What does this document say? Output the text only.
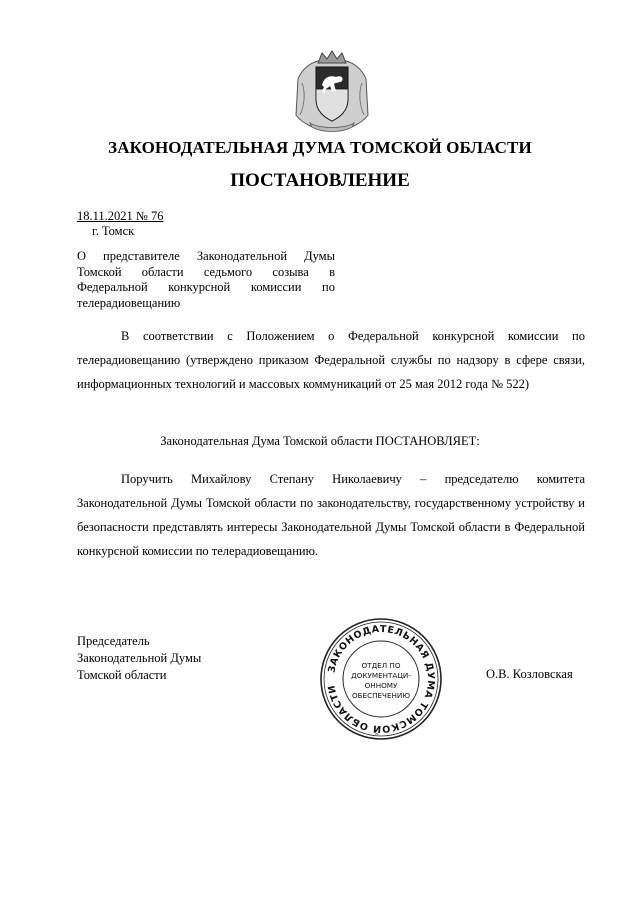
ЗАКОНОДАТЕЛЬНАЯ ДУМА ТОМСКОЙ ОБЛАСТИ
ПОСТАНОВЛЕНИЕ
18.11.2021 № 76
г. Томск
О представителе Законодательной Думы Томской области седьмого созыва в Федеральной конкурсной комиссии по телерадиовещанию
В соответствии с Положением о Федеральной конкурсной комиссии по телерадиовещанию (утверждено приказом Федеральной службы по надзору в сфере связи, информационных технологий и массовых коммуникаций от 25 мая 2012 года № 522)
Законодательная Дума Томской области ПОСТАНОВЛЯЕТ:
Поручить Михайлову Степану Николаевичу – председателю комитета Законодательной Думы Томской области по законодательству, государственному устройству и безопасности представлять интересы Законодательной Думы Томской области в Федеральной конкурсной комиссии по телерадиовещанию.
Председатель
Законодательной Думы
Томской области	ЗАКОНОДАТЕЛЬНАЯ ДУМА ТОМСКОЙ ОБЛАСТИ
ОТДЕЛ ПО
ДОКУМЕНТАЦИ-
ОННОМУ
ОБЕСПЕЧЕНИЮ
О.В. Козловская
